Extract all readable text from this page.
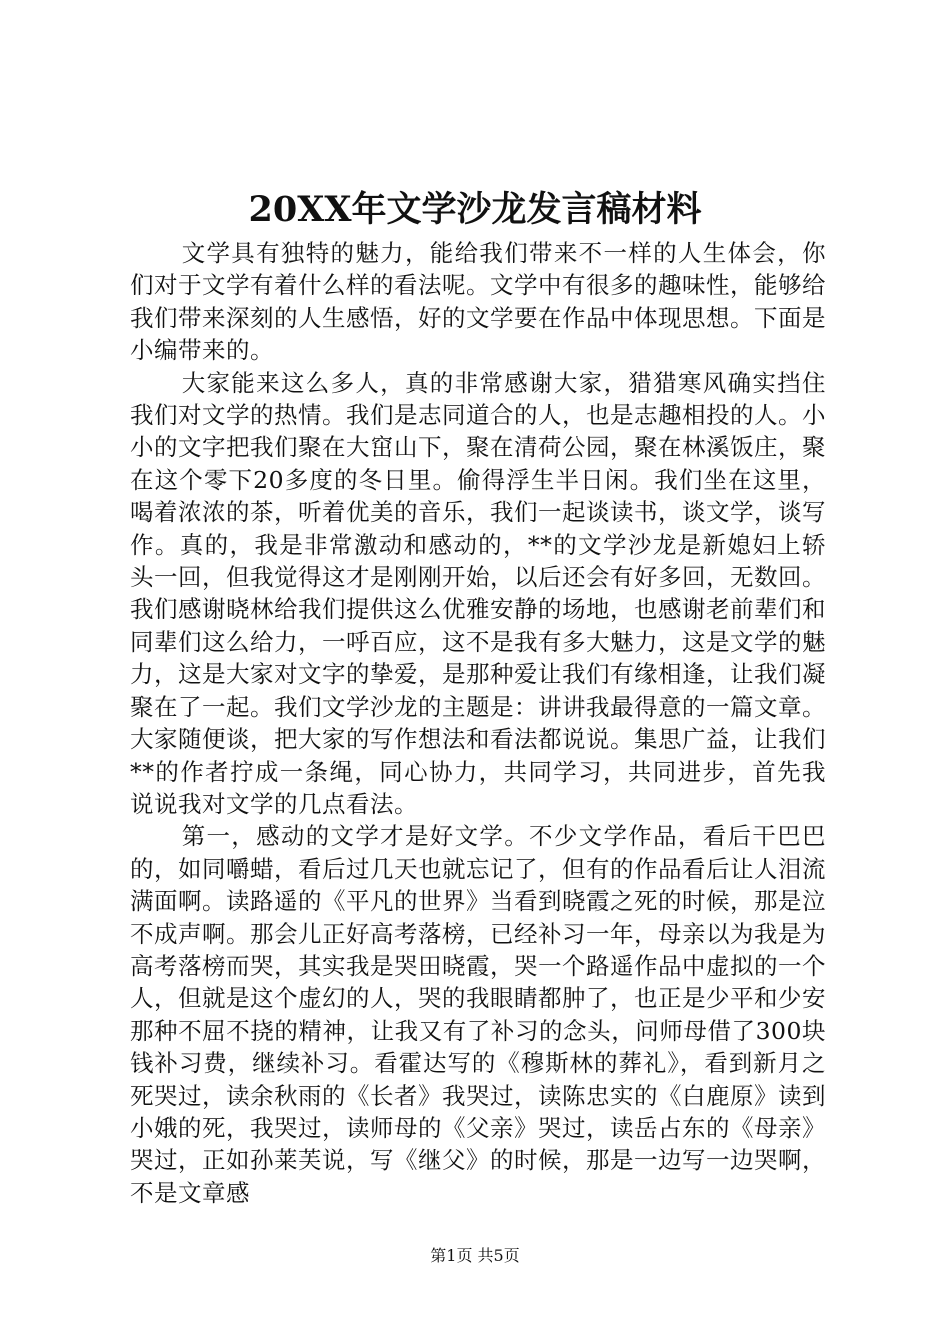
20XX年文学沙龙发言稿材料

文学具有独特的魅力，能给我们带来不一样的人生体会，你们对于文学有着什么样的看法呢。文学中有很多的趣味性，能够给我们带来深刻的人生感悟，好的文学要在作品中体现思想。下面是小编带来的。

大家能来这么多人，真的非常感谢大家，猎猎寒风确实挡住我们对文学的热情。我们是志同道合的人，也是志趣相投的人。小小的文字把我们聚在大窋山下，聚在清荷公园，聚在林溪饭庄，聚在这个零下20多度的冬日里。偷得浮生半日闲。我们坐在这里，喝着浓浓的茶，听着优美的音乐，我们一起谈读书，谈文学，谈写作。真的，我是非常激动和感动的，**的文学沙龙是新媳妇上轿头一回，但我觉得这才是刚刚开始，以后还会有好多回，无数回。我们感谢晓林给我们提供这么优雅安静的场地，也感谢老前辈们和同辈们这么给力，一呼百应，这不是我有多大魅力，这是文学的魅力，这是大家对文字的挚爱，是那种爱让我们有缘相逢，让我们凝聚在了一起。我们文学沙龙的主题是：讲讲我最得意的一篇文章。大家随便谈，把大家的写作想法和看法都说说。集思广益，让我们**的作者拧成一条绳，同心协力，共同学习，共同进步，首先我说说我对文学的几点看法。

第一，感动的文学才是好文学。不少文学作品，看后干巴巴的，如同嚼蜡，看后过几天也就忘记了，但有的作品看后让人泪流满面啊。读路遥的《平凡的世界》当看到晓霞之死的时候，那是泣不成声啊。那会儿正好高考落榜，已经补习一年，母亲以为我是为高考落榜而哭，其实我是哭田晓霞，哭一个路遥作品中虚拟的一个人，但就是这个虚幻的人，哭的我眼睛都肿了，也正是少平和少安那种不屈不挠的精神，让我又有了补习的念头，问师母借了300块钱补习费，继续补习。看霍达写的《穆斯林的葬礼》，看到新月之死哭过，读余秋雨的《长者》我哭过，读陈忠实的《白鹿原》读到小娥的死，我哭过，读师母的《父亲》哭过，读岳占东的《母亲》哭过，正如孙莱芙说，写《继父》的时候，那是一边写一边哭啊，不是文章感

第1页 共5页
